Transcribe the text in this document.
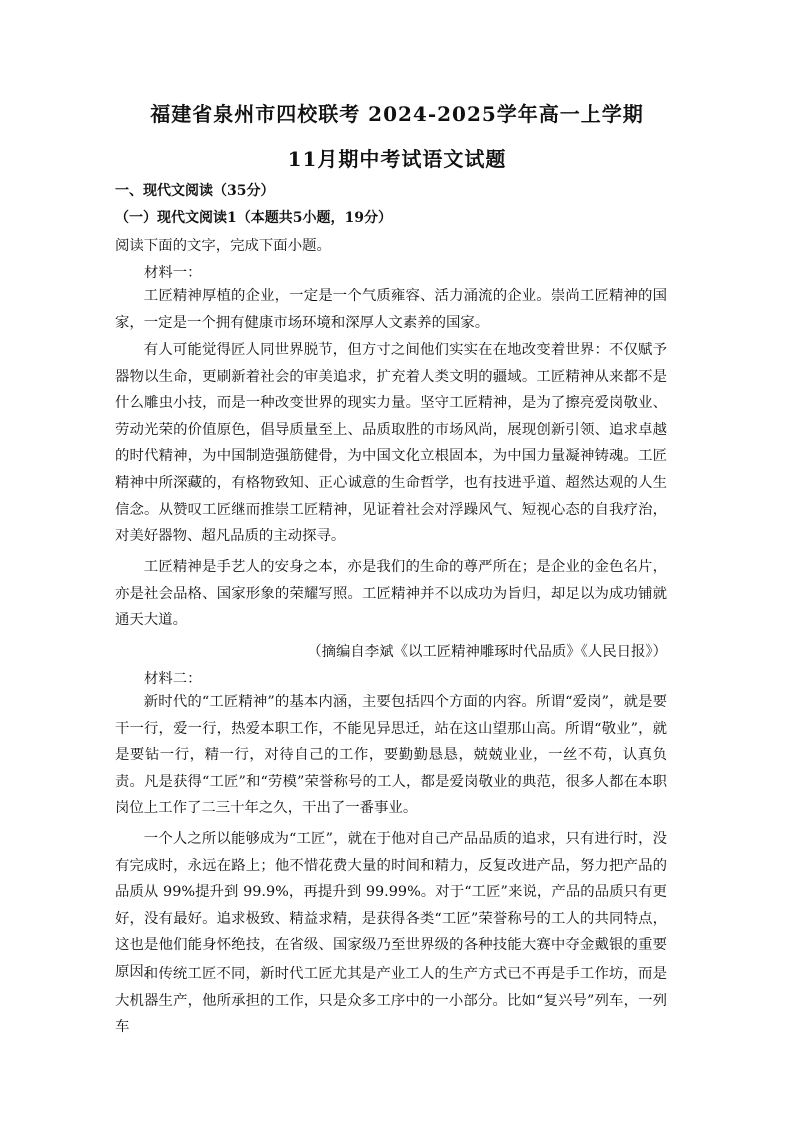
福建省泉州市四校联考 2024-2025学年高一上学期
11月期中考试语文试题
一、现代文阅读（35分）
（一）现代文阅读1（本题共5小题，19分）
阅读下面的文字，完成下面小题。
材料一：

工匠精神厚植的企业，一定是一个气质雍容、活力涌流的企业。崇尚工匠精神的国家，一定是一个拥有健康市场环境和深厚人文素养的国家。

有人可能觉得匠人同世界脱节，但方寸之间他们实实在在地改变着世界：不仅赋予器物以生命，更刷新着社会的审美追求，扩充着人类文明的疆域。工匠精神从来都不是什么雕虫小技，而是一种改变世界的现实力量。坚守工匠精神，是为了擦亮爱岗敬业、劳动光荣的价值原色，倡导质量至上、品质取胜的市场风尚，展现创新引领、追求卓越的时代精神，为中国制造强筋健骨，为中国文化立根固本，为中国力量凝神铸魂。工匠精神中所深藏的，有格物致知、正心诚意的生命哲学，也有技进乎道、超然达观的人生信念。从赞叹工匠继而推崇工匠精神，见证着社会对浮躁风气、短视心态的自我疗治，对美好器物、超凡品质的主动探寻。

工匠精神是手艺人的安身之本，亦是我们的生命的尊严所在；是企业的金色名片，亦是社会品格、国家形象的荣耀写照。工匠精神并不以成功为旨归，却足以为成功铺就通天大道。

（摘编自李斌《以工匠精神雕琢时代品质》《人民日报》）
材料二：

新时代的“工匠精神”的基本内涵，主要包括四个方面的内容。所谓“爱岗”，就是要干一行，爱一行，热爱本职工作，不能见异思迁，站在这山望那山高。所谓“敬业”，就是要钻一行，精一行，对待自己的工作，要勤勤恳恳，兢兢业业，一丝不苟，认真负责。凡是获得“工匠”和“劳模”荣誉称号的工人，都是爱岗敬业的典范，很多人都在本职岗位上工作了二三十年之久，干出了一番事业。

一个人之所以能够成为“工匠”，就在于他对自己产品品质的追求，只有进行时，没有完成时，永远在路上；他不惜花费大量的时间和精力，反复改进产品，努力把产品的品质从 99%提升到 99.9%，再提升到 99.99%。对于“工匠”来说，产品的品质只有更好，没有最好。追求极致、精益求精，是获得各类“工匠”荣誉称号的工人的共同特点，这也是他们能身怀绝技，在省级、国家级乃至世界级的各种技能大赛中夺金戴银的重要原因。

和传统工匠不同，新时代工匠尤其是产业工人的生产方式已不再是手工作坊，而是大机器生产，他所承担的工作，只是众多工序中的一小部分。比如“复兴号”列车，一列车
